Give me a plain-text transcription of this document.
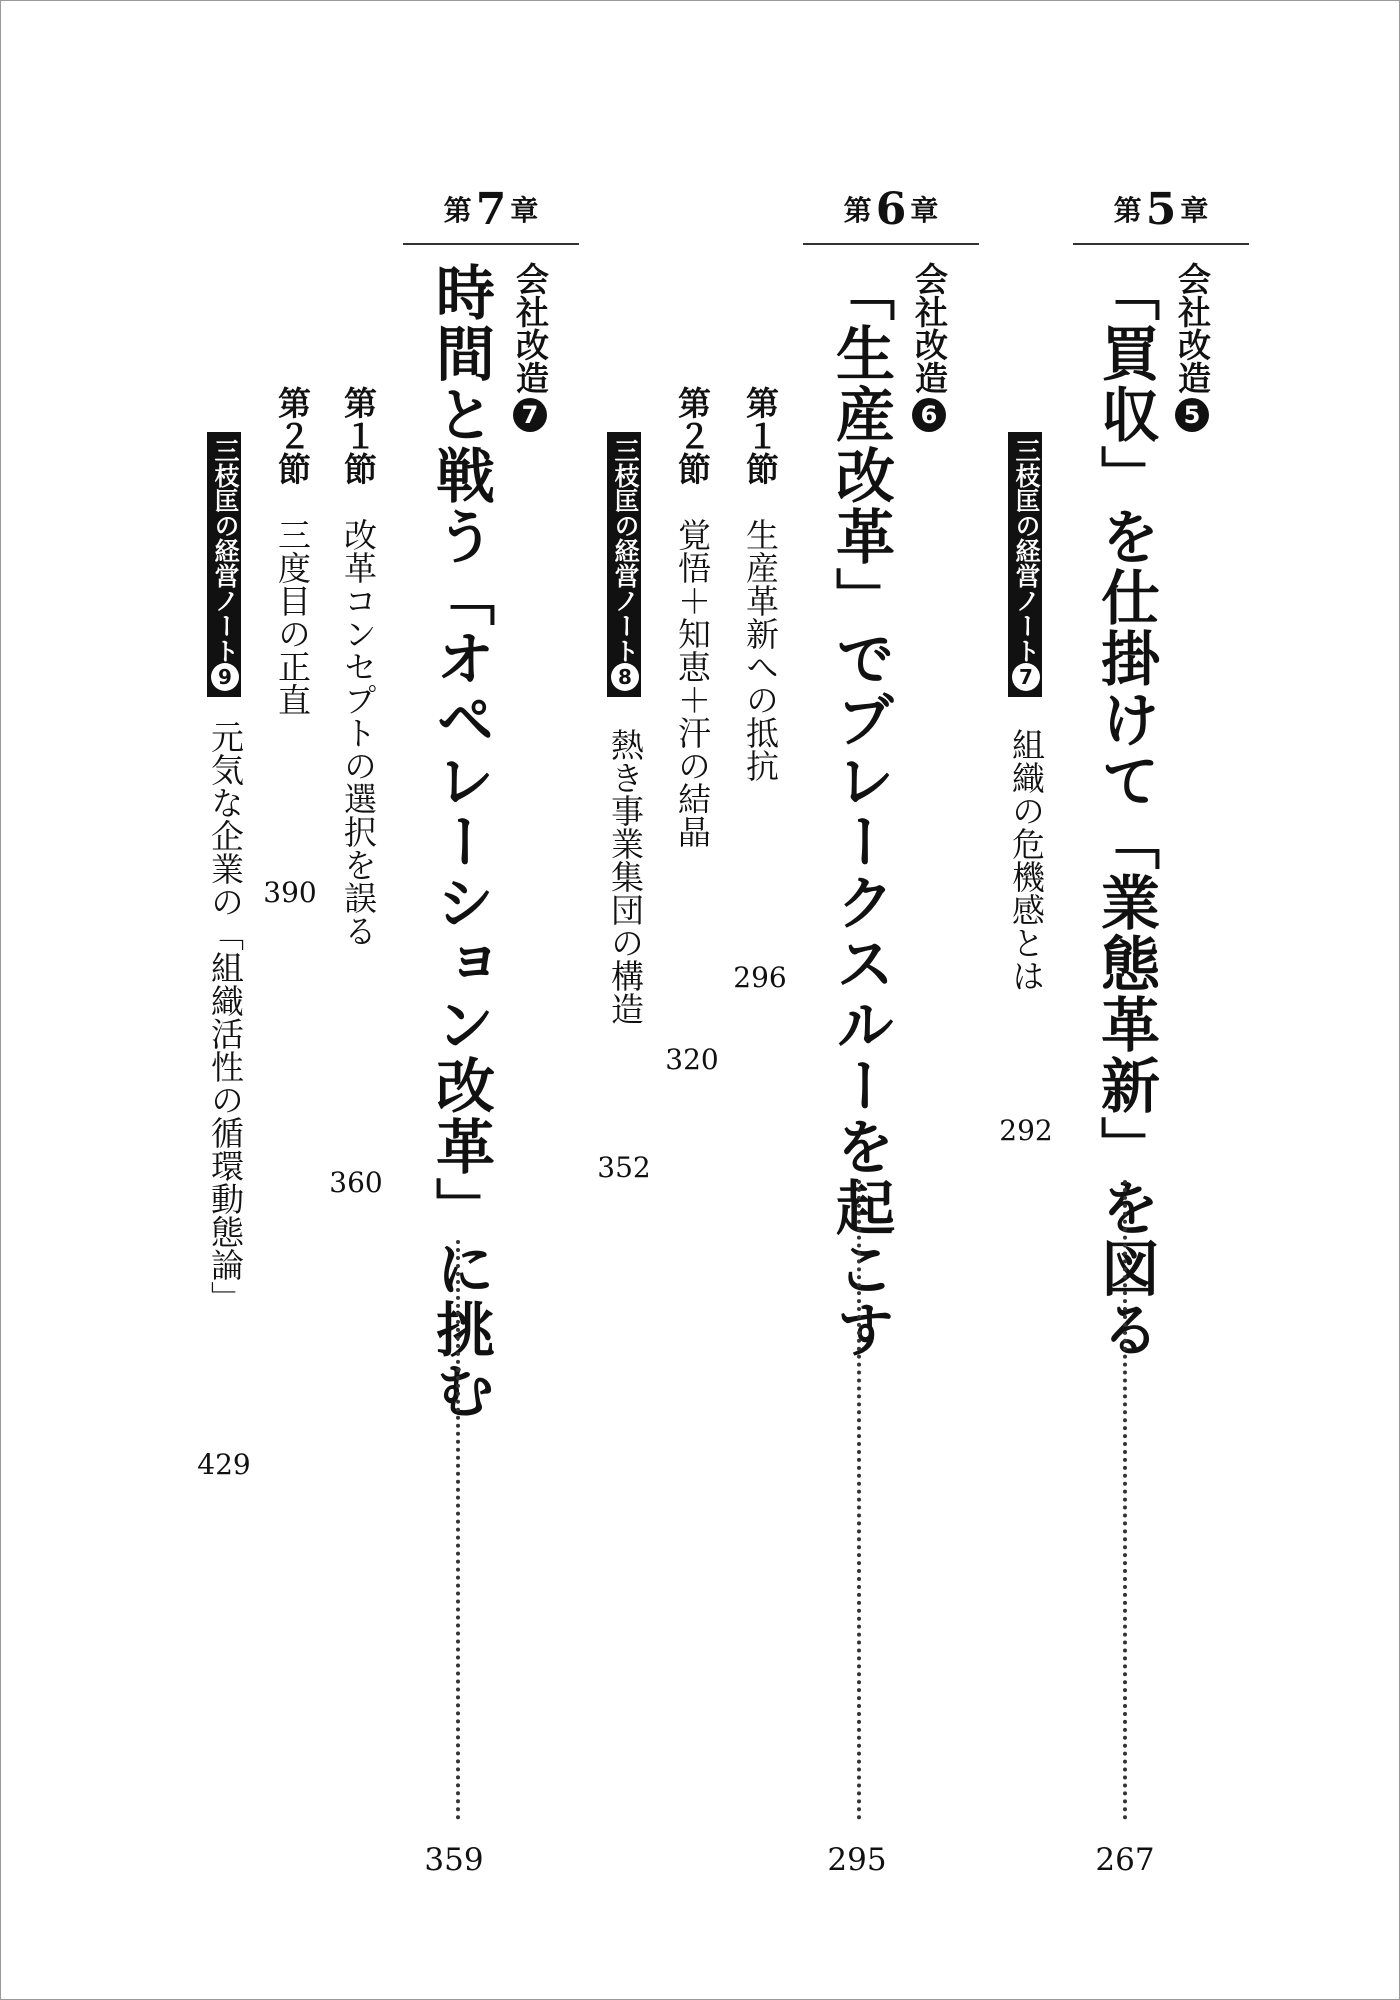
第5 章
会社改造5
「買収」を仕掛けて「業態革新」を図る
267
三枝匡の経営ノート7
組織の危機感とは
292
第6 章
会社改造6
「生産改革」でブレークスルーを起こす
295
第１節　生産革新への抵抗
296
第２節　覚悟＋知恵＋汗の結晶
320
三枝匡の経営ノート8
熱き事業集団の構造
352
第7 章
会社改造7
時間と戦う「オペレーション改革」に挑む
359
第１節　改革コンセプトの選択を誤る
360
第２節　三度目の正直
390
三枝匡の経営ノート9
元気な企業の「組織活性の循環動態論」
429
